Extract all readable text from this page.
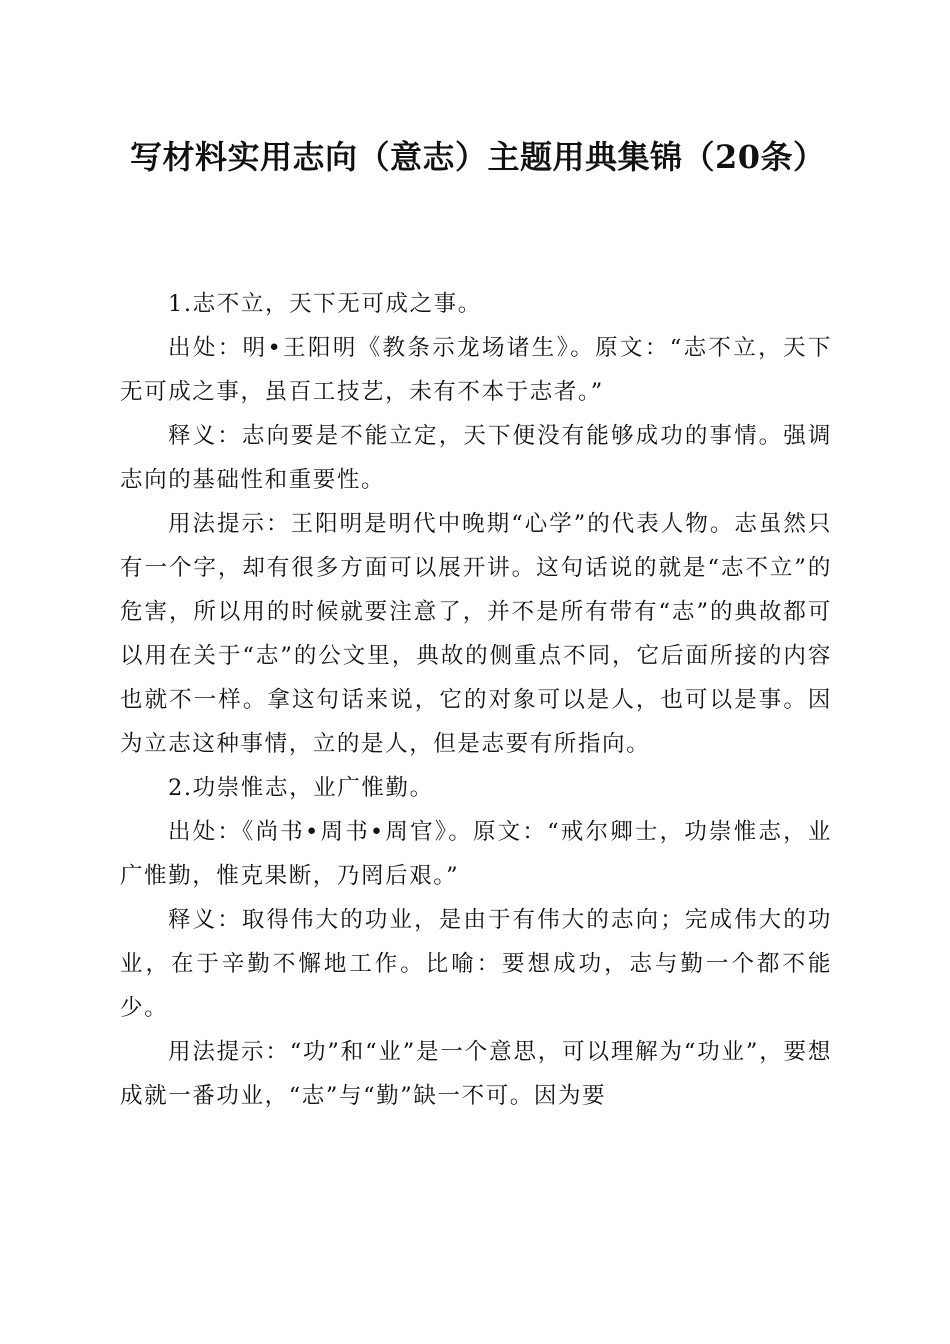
写材料实用志向（意志）主题用典集锦（20条）

1.志不立，天下无可成之事。

出处：明•王阳明《教条示龙场诸生》。原文：“志不立，天下无可成之事，虽百工技艺，未有不本于志者。”

释义：志向要是不能立定，天下便没有能够成功的事情。强调志向的基础性和重要性。

用法提示：王阳明是明代中晚期“心学”的代表人物。志虽然只有一个字，却有很多方面可以展开讲。这句话说的就是“志不立”的危害，所以用的时候就要注意了，并不是所有带有“志”的典故都可以用在关于“志”的公文里，典故的侧重点不同，它后面所接的内容也就不一样。拿这句话来说，它的对象可以是人，也可以是事。因为立志这种事情，立的是人，但是志要有所指向。

2.功崇惟志，业广惟勤。

出处：《尚书•周书•周官》。原文：“戒尔卿士，功崇惟志，业广惟勤，惟克果断，乃罔后艰。”

释义：取得伟大的功业，是由于有伟大的志向；完成伟大的功业，在于辛勤不懈地工作。比喻：要想成功，志与勤一个都不能少。

用法提示：“功”和“业”是一个意思，可以理解为“功业”，要想成就一番功业，“志”与“勤”缺一不可。因为要
